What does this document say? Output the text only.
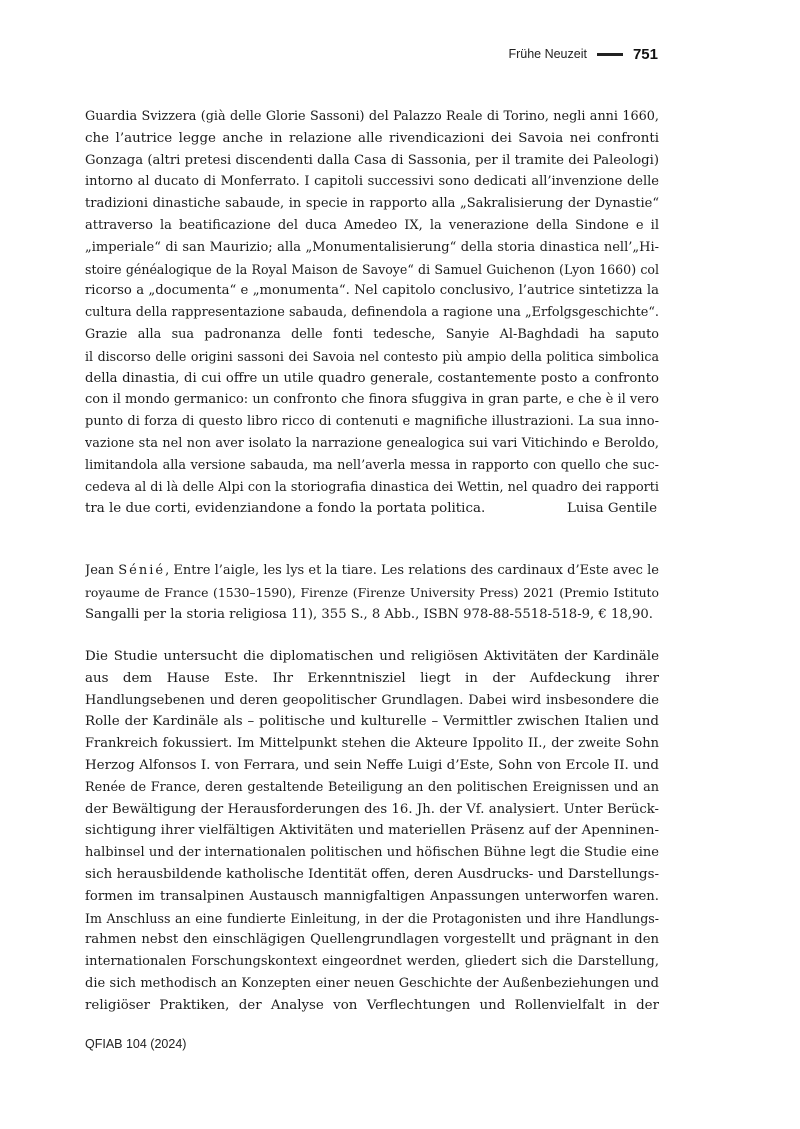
Frühe Neuzeit	751
Guardia Svizzera (già delle Glorie Sassoni) del Palazzo Reale di Torino, negli anni 1660,
che l’autrice legge anche in relazione alle rivendicazioni dei Savoia nei confronti
Gonzaga (altri pretesi discendenti dalla Casa di Sassonia, per il tramite dei Paleologi)
intorno al ducato di Monferrato. I capitoli successivi sono dedicati all’invenzione delle
tradizioni dinastiche sabaude, in specie in rapporto alla „Sakralisierung der Dynastie“
attraverso la beatificazione del duca Amedeo IX, la venerazione della Sindone e il
„imperiale“ di san Maurizio; alla „Monumentalisierung“ della storia dinastica nell’„Hi-
stoire généalogique de la Royal Maison de Savoye“ di Samuel Guichenon (Lyon 1660) col
ricorso a „documenta“ e „monumenta“. Nel capitolo conclusivo, l’autrice sintetizza la
cultura della rappresentazione sabauda, definendola a ragione una „Erfolgsgeschichte“.
Grazie alla sua padronanza delle fonti tedesche, Sanyie Al-Baghdadi ha saputo
il discorso delle origini sassoni dei Savoia nel contesto più ampio della politica simbolica
della dinastia, di cui offre un utile quadro generale, costantemente posto a confronto
con il mondo germanico: un confronto che finora sfuggiva in gran parte, e che è il vero
punto di forza di questo libro ricco di contenuti e magnifiche illustrazioni. La sua inno-
vazione sta nel non aver isolato la narrazione genealogica sui vari Vitichindo e Beroldo,
limitandola alla versione sabauda, ma nell’averla messa in rapporto con quello che suc-
cedeva al di là delle Alpi con la storiografia dinastica dei Wettin, nel quadro dei rapporti
tra le due corti, evidenziandone a fondo la portata politica.	Luisa Gentile
Jean Sénié, Entre l’aigle, les lys et la tiare. Les relations des cardinaux d’Este avec le
royaume de France (1530–1590), Firenze (Firenze University Press) 2021 (Premio Istituto
Sangalli per la storia religiosa 11), 355 S., 8 Abb., ISBN 978-88-5518-518-9, € 18,90.
Die Studie untersucht die diplomatischen und religiösen Aktivitäten der Kardinäle
aus dem Hause Este. Ihr Erkenntnisziel liegt in der Aufdeckung ihrer
Handlungsebenen und deren geopolitischer Grundlagen. Dabei wird insbesondere die
Rolle der Kardinäle als – politische und kulturelle – Vermittler zwischen Italien und
Frankreich fokussiert. Im Mittelpunkt stehen die Akteure Ippolito II., der zweite Sohn
Herzog Alfonsos I. von Ferrara, und sein Neffe Luigi d’Este, Sohn von Ercole II. und
Renée de France, deren gestaltende Beteiligung an den politischen Ereignissen und an
der Bewältigung der Herausforderungen des 16. Jh. der Vf. analysiert. Unter Berück-
sichtigung ihrer vielfältigen Aktivitäten und materiellen Präsenz auf der Apenninen-
halbinsel und der internationalen politischen und höfischen Bühne legt die Studie eine
sich herausbildende katholische Identität offen, deren Ausdrucks- und Darstellungs-
formen im transalpinen Austausch mannigfaltigen Anpassungen unterworfen waren.
Im Anschluss an eine fundierte Einleitung, in der die Protagonisten und ihre Handlungs-
rahmen nebst den einschlägigen Quellengrundlagen vorgestellt und prägnant in den
internationalen Forschungskontext eingeordnet werden, gliedert sich die Darstellung,
die sich methodisch an Konzepten einer neuen Geschichte der Außenbeziehungen und
religiöser Praktiken, der Analyse von Verflechtungen und Rollenvielfalt in der
QFIAB 104 (2024)
